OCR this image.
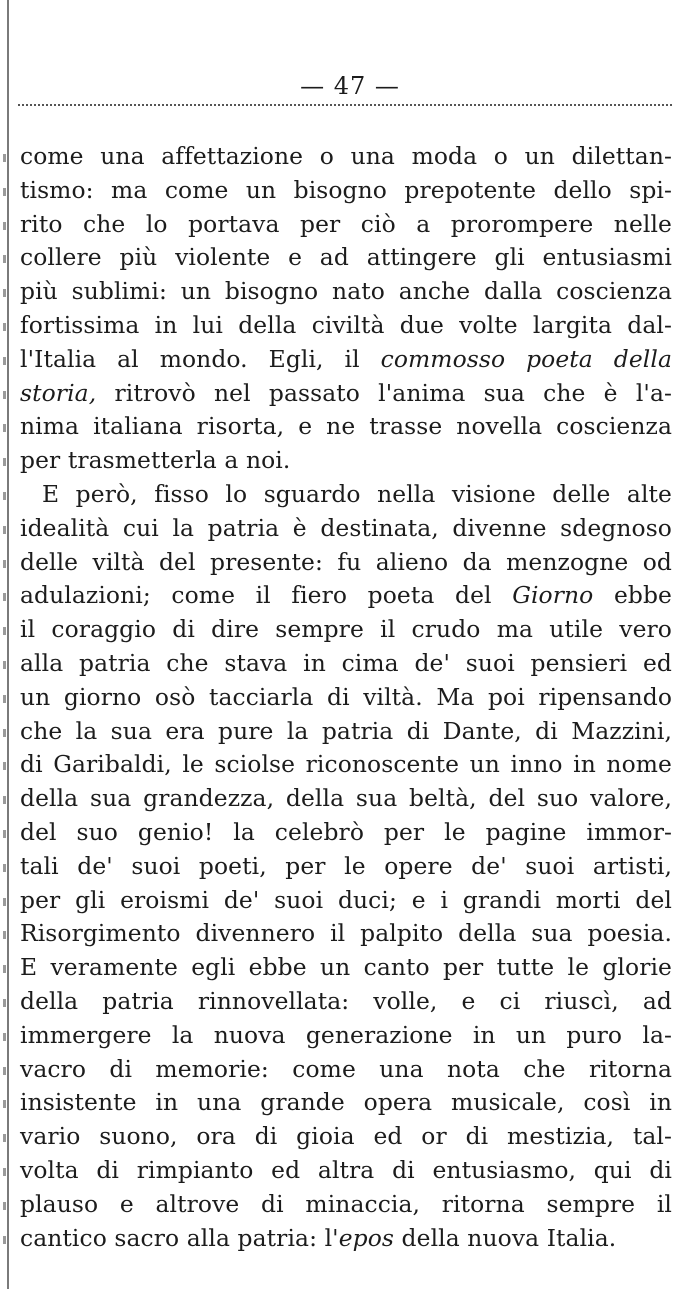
— 47 —
come una affettazione o una moda o un dilettan-
tismo: ma come un bisogno prepotente dello spi-
rito che lo portava per ciò a prorompere nelle
collere più violente e ad attingere gli entusiasmi
più sublimi: un bisogno nato anche dalla coscienza
fortissima in lui della civiltà due volte largita dal-
l'Italia al mondo. Egli, il commosso poeta della
storia, ritrovò nel passato l'anima sua che è l'a-
nima italiana risorta, e ne trasse novella coscienza
per trasmetterla a noi.
E però, fisso lo sguardo nella visione delle alte
idealità cui la patria è destinata, divenne sdegnoso
delle viltà del presente: fu alieno da menzogne od
adulazioni; come il fiero poeta del Giorno ebbe
il coraggio di dire sempre il crudo ma utile vero
alla patria che stava in cima de' suoi pensieri ed
un giorno osò tacciarla di viltà. Ma poi ripensando
che la sua era pure la patria di Dante, di Mazzini,
di Garibaldi, le sciolse riconoscente un inno in nome
della sua grandezza, della sua beltà, del suo valore,
del suo genio! la celebrò per le pagine immor-
tali de' suoi poeti, per le opere de' suoi artisti,
per gli eroismi de' suoi duci; e i grandi morti del
Risorgimento divennero il palpito della sua poesia.
E veramente egli ebbe un canto per tutte le glorie
della patria rinnovellata: volle, e ci riuscì, ad
immergere la nuova generazione in un puro la-
vacro di memorie: come una nota che ritorna
insistente in una grande opera musicale, così in
vario suono, ora di gioia ed or di mestizia, tal-
volta di rimpianto ed altra di entusiasmo, qui di
plauso e altrove di minaccia, ritorna sempre il
cantico sacro alla patria: l'epos della nuova Italia.
